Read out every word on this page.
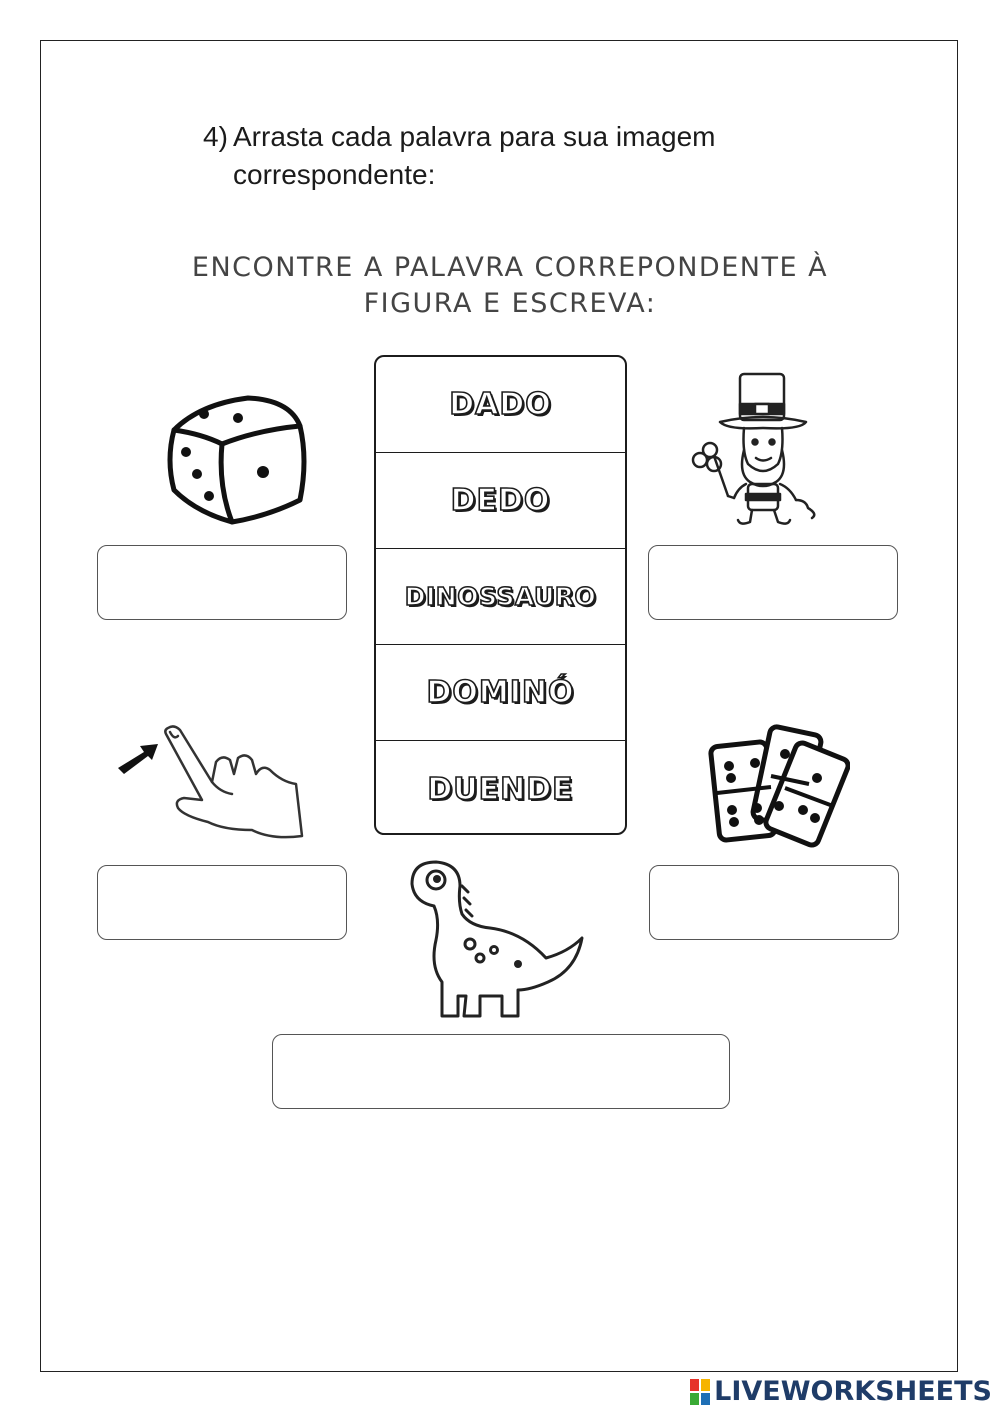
4) Arrasta cada palavra para sua imagem correspondente:
ENCONTRE A PALAVRA CORREPONDENTE À
FIGURA E ESCREVA:
DADO
DEDO
DINOSSAURO
DOMINÓ
DUENDE
LIVEWORKSHEETS
